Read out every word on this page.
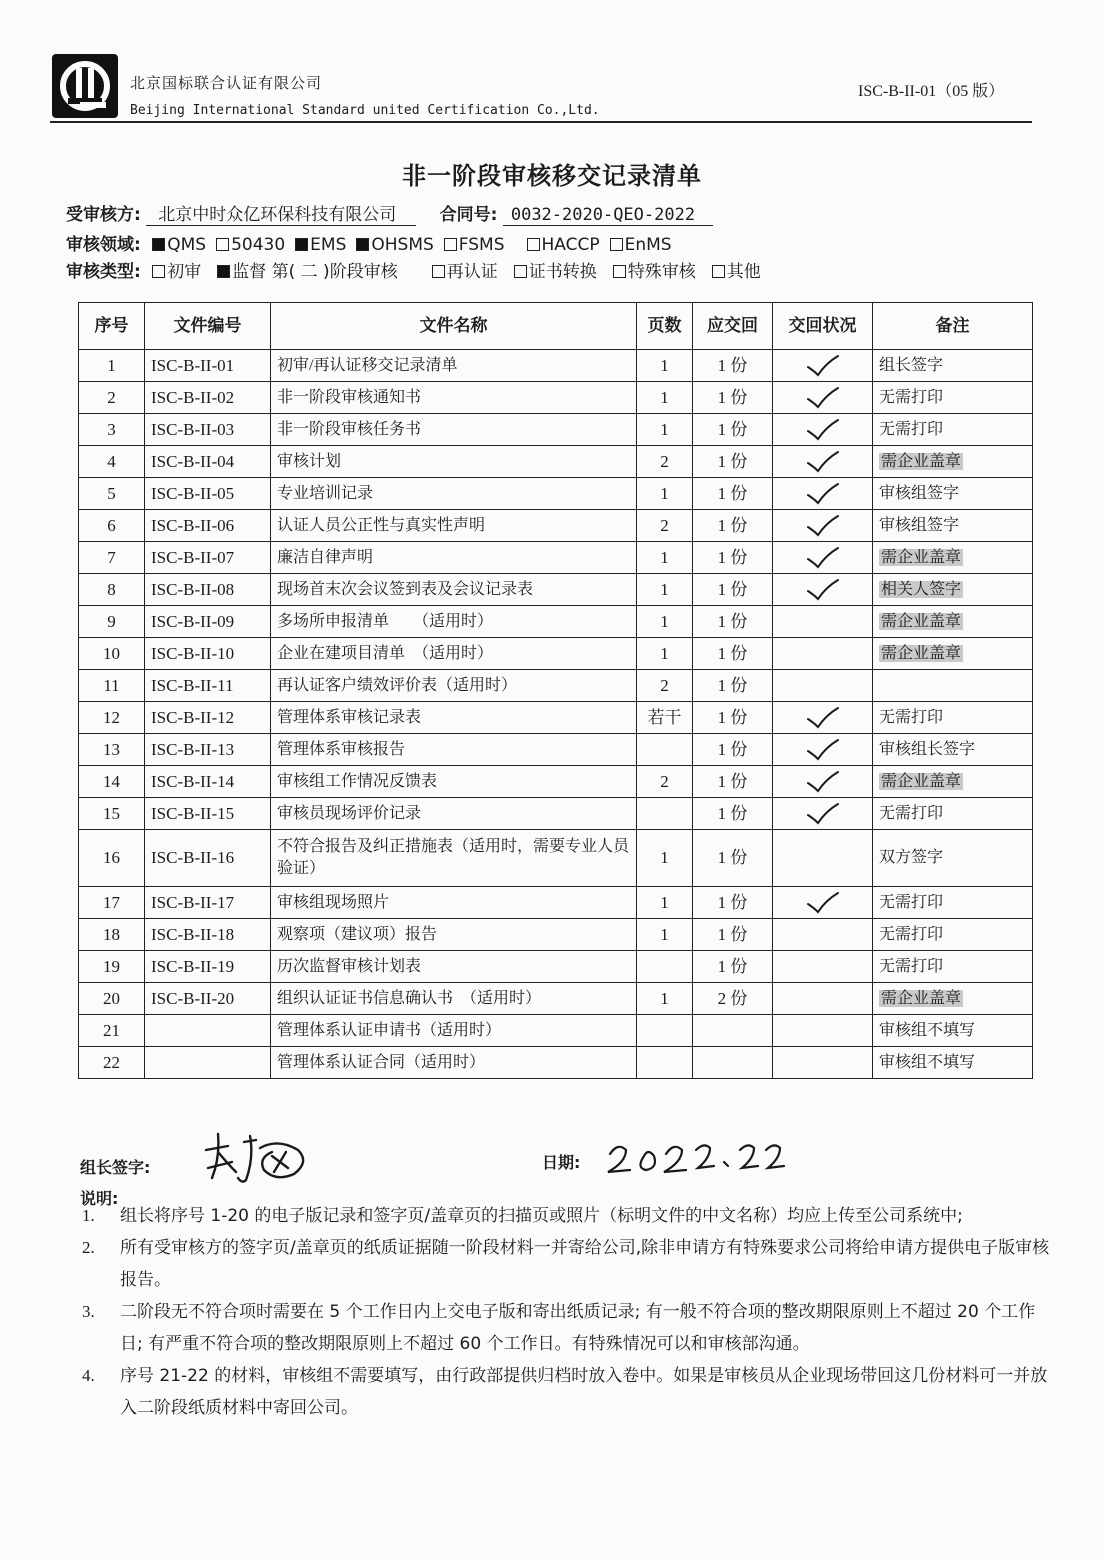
北京国标联合认证有限公司
Beijing International Standard united Certification Co.,Ltd.
ISC-B-II-01（05 版）
非一阶段审核移交记录清单
受审核方: 北京中时众亿环保科技有限公司	合同号: 0032-2020-QEO-2022
审核领域: QMS 50430 EMS OHSMS FSMS HACCP EnMS
审核类型: 初审 监督 第( 二 )阶段审核	再认证 证书转换 特殊审核 其他
序号	文件编号	文件名称	页数	应交回	交回状况	备注
1	ISC-B-II-01	初审/再认证移交记录清单	1	1 份		组长签字
2	ISC-B-II-02	非一阶段审核通知书	1	1 份		无需打印
3	ISC-B-II-03	非一阶段审核任务书	1	1 份		无需打印
4	ISC-B-II-04	审核计划	2	1 份		需企业盖章
5	ISC-B-II-05	专业培训记录	1	1 份		审核组签字
6	ISC-B-II-06	认证人员公正性与真实性声明	2	1 份		审核组签字
7	ISC-B-II-07	廉洁自律声明	1	1 份		需企业盖章
8	ISC-B-II-08	现场首末次会议签到表及会议记录表	1	1 份		相关人签字
9	ISC-B-II-09	多场所申报清单　　（适用时）	1	1 份		需企业盖章
10	ISC-B-II-10	企业在建项目清单　（适用时）	1	1 份		需企业盖章
11	ISC-B-II-11	再认证客户绩效评价表（适用时）	2	1 份		
12	ISC-B-II-12	管理体系审核记录表	若干	1 份		无需打印
13	ISC-B-II-13	管理体系审核报告		1 份		审核组长签字
14	ISC-B-II-14	审核组工作情况反馈表	2	1 份		需企业盖章
15	ISC-B-II-15	审核员现场评价记录		1 份		无需打印
16	ISC-B-II-16	不符合报告及纠正措施表（适用时，需要专业人员验证）	1	1 份		双方签字
17	ISC-B-II-17	审核组现场照片	1	1 份		无需打印
18	ISC-B-II-18	观察项（建议项）报告	1	1 份		无需打印
19	ISC-B-II-19	历次监督审核计划表		1 份		无需打印
20	ISC-B-II-20	组织认证证书信息确认书　（适用时）	1	2 份		需企业盖章
21		管理体系认证申请书（适用时）				审核组不填写
22		管理体系认证合同（适用时）				审核组不填写
组长签字:	日期:
说明:
1. 组长将序号 1-20 的电子版记录和签字页/盖章页的扫描页或照片（标明文件的中文名称）均应上传至公司系统中;
2. 所有受审核方的签字页/盖章页的纸质证据随一阶段材料一并寄给公司,除非申请方有特殊要求公司将给申请方提供电子版审核报告。
3. 二阶段无不符合项时需要在 5 个工作日内上交电子版和寄出纸质记录; 有一般不符合项的整改期限原则上不超过 20 个工作日; 有严重不符合项的整改期限原则上不超过 60 个工作日。有特殊情况可以和审核部沟通。
4. 序号 21-22 的材料，审核组不需要填写，由行政部提供归档时放入卷中。如果是审核员从企业现场带回这几份材料可一并放入二阶段纸质材料中寄回公司。
